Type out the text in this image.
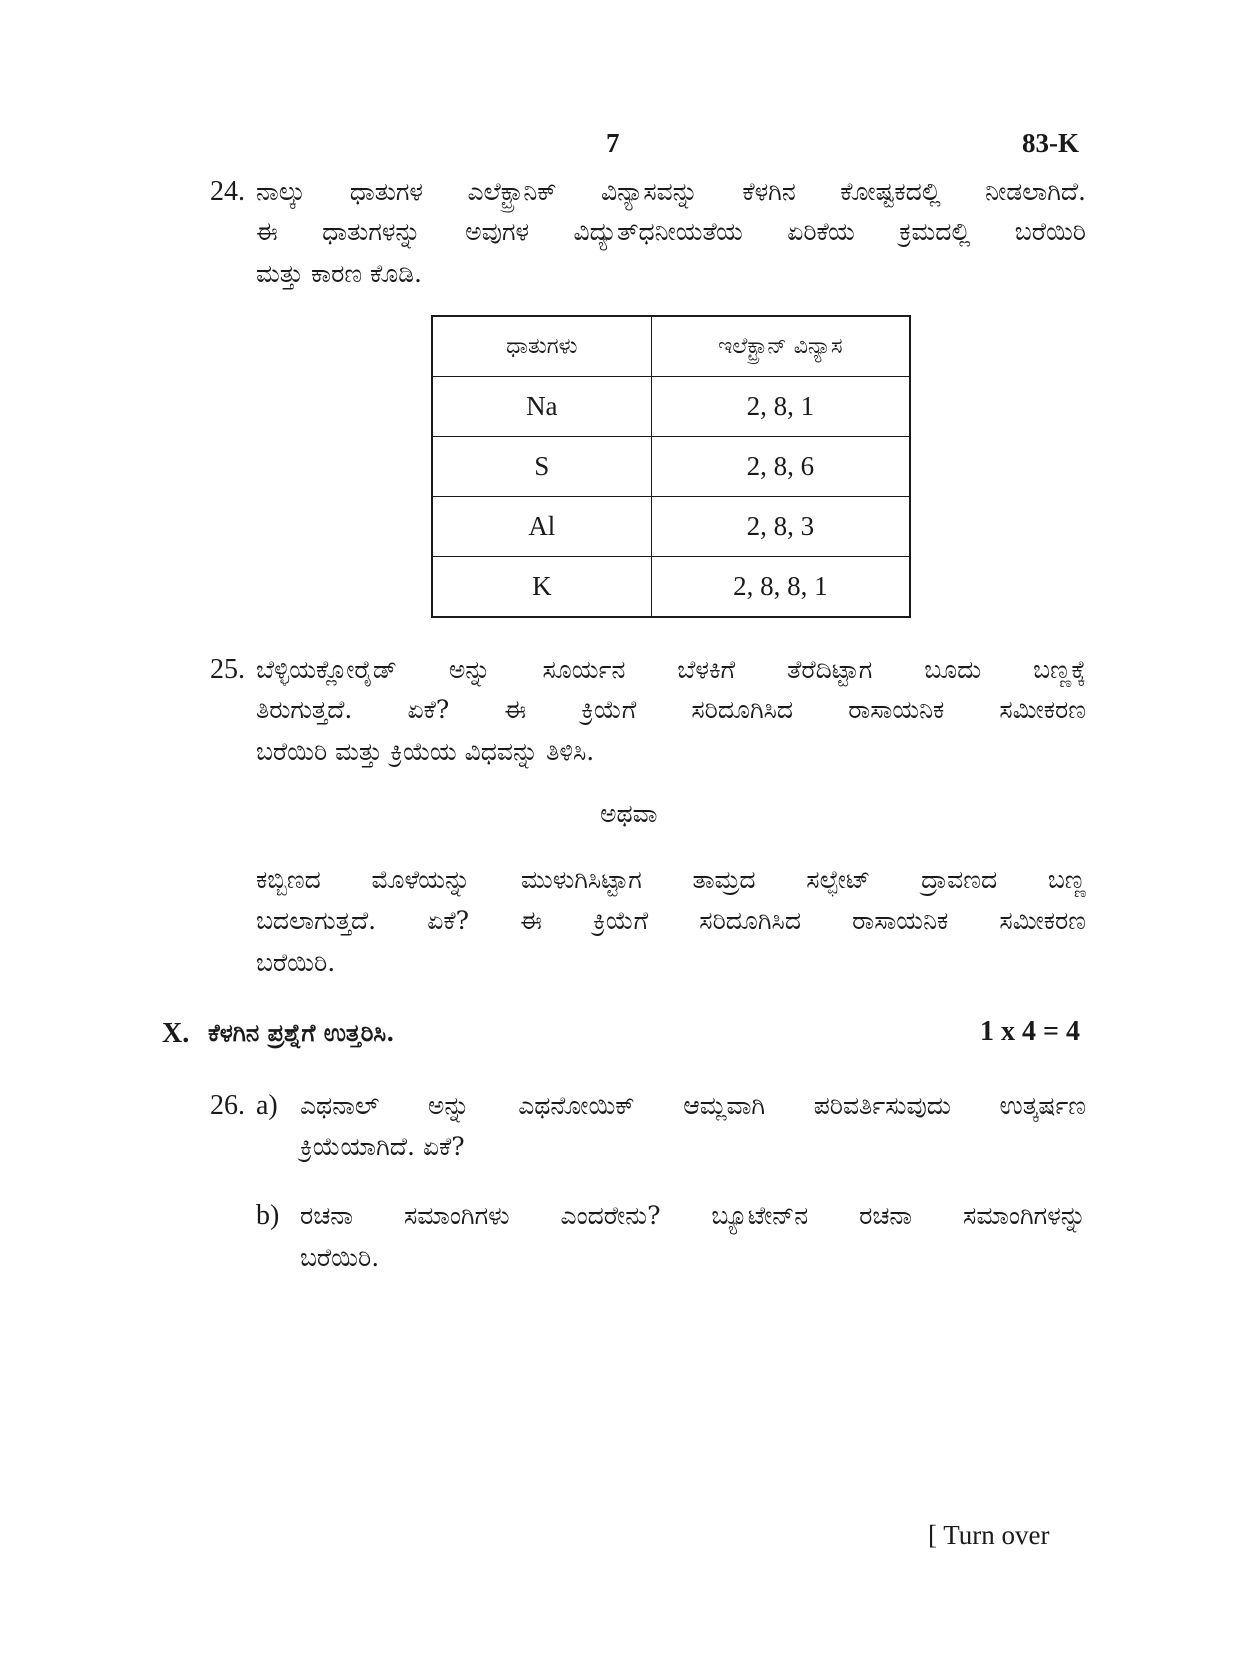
7	83-K
24. ನಾಲ್ಕು ಧಾತುಗಳ ಎಲೆಕ್ಟ್ರಾನಿಕ್ ವಿನ್ಯಾಸವನ್ನು ಕೆಳಗಿನ ಕೋಷ್ಟಕದಲ್ಲಿ ನೀಡಲಾಗಿದೆ.
ಈ ಧಾತುಗಳನ್ನು ಅವುಗಳ ವಿದ್ಯುತ್‌ಧನೀಯತೆಯ ಏರಿಕೆಯ ಕ್ರಮದಲ್ಲಿ ಬರೆಯಿರಿ
ಮತ್ತು ಕಾರಣ ಕೊಡಿ.
ಧಾತುಗಳು	ಇಲೆಕ್ಟ್ರಾನ್ ವಿನ್ಯಾಸ
Na	2, 8, 1
S	2, 8, 6
Al	2, 8, 3
K	2, 8, 8, 1
25. ಬೆಳ್ಳಿಯಕ್ಲೋರೈಡ್ ಅನ್ನು ಸೂರ್ಯನ ಬೆಳಕಿಗೆ ತೆರೆದಿಟ್ಟಾಗ ಬೂದು ಬಣ್ಣಕ್ಕೆ
ತಿರುಗುತ್ತದೆ. ಏಕೆ? ಈ ಕ್ರಿಯೆಗೆ ಸರಿದೂಗಿಸಿದ ರಾಸಾಯನಿಕ ಸಮೀಕರಣ
ಬರೆಯಿರಿ ಮತ್ತು ಕ್ರಿಯೆಯ ವಿಧವನ್ನು ತಿಳಿಸಿ.
ಅಥವಾ
ಕಬ್ಬಿಣದ ಮೊಳೆಯನ್ನು ಮುಳುಗಿಸಿಟ್ಟಾಗ ತಾಮ್ರದ ಸಲ್ಫೇಟ್ ದ್ರಾವಣದ ಬಣ್ಣ
ಬದಲಾಗುತ್ತದೆ. ಏಕೆ? ಈ ಕ್ರಿಯೆಗೆ ಸರಿದೂಗಿಸಿದ ರಾಸಾಯನಿಕ ಸಮೀಕರಣ
ಬರೆಯಿರಿ.
X. ಕೆಳಗಿನ ಪ್ರಶ್ನೆಗೆ ಉತ್ತರಿಸಿ.	1 x 4 = 4
26. a) ಎಥನಾಲ್ ಅನ್ನು ಎಥನೋಯಿಕ್ ಆಮ್ಲವಾಗಿ ಪರಿವರ್ತಿಸುವುದು ಉತ್ಕರ್ಷಣ
ಕ್ರಿಯೆಯಾಗಿದೆ. ಏಕೆ?
b) ರಚನಾ ಸಮಾಂಗಿಗಳು ಎಂದರೇನು? ಬ್ಯೂಟೇನ್‌ನ ರಚನಾ ಸಮಾಂಗಿಗಳನ್ನು
ಬರೆಯಿರಿ.
[ Turn over
